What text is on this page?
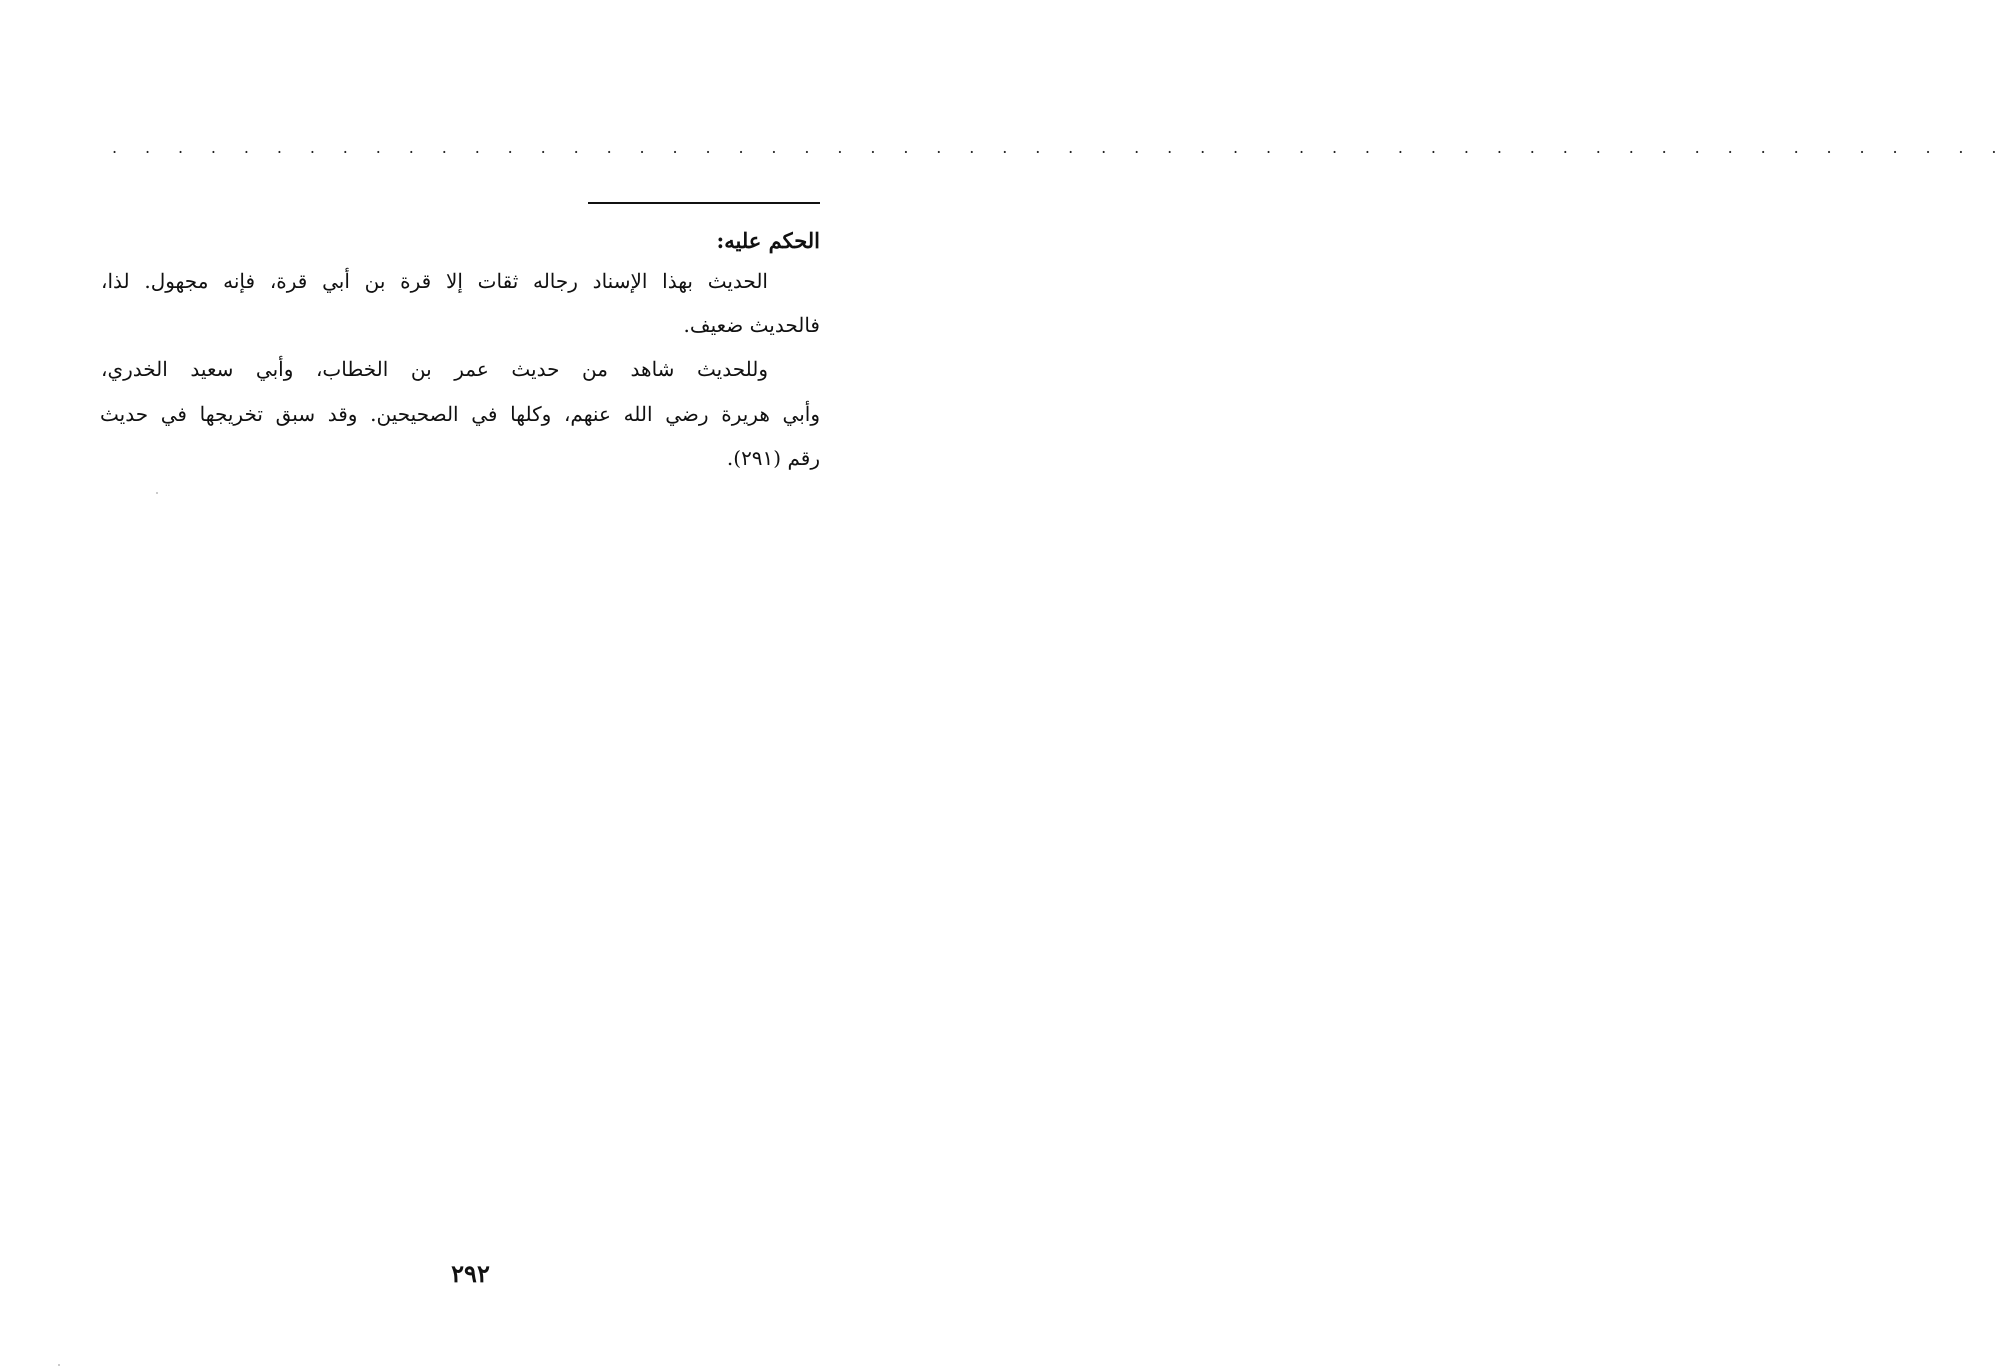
. . . . . . . . . . . . . . . . . . . . . . . . . . . . . . . . . . . . . . . . . . . . . . . . . . . . . . . . . .
الحكم عليه:
الحديث بهذا الإسناد رجاله ثقات إلا قرة بن أبي قرة، فإنه مجهول. لذا،
فالحديث ضعيف.
وللحديث شاهد من حديث عمر بن الخطاب، وأبي سعيد الخدري،
وأبي هريرة رضي الله عنهم، وكلها في الصحيحين. وقد سبق تخريجها في حديث
رقم (٢٩١).
٢٩٢
